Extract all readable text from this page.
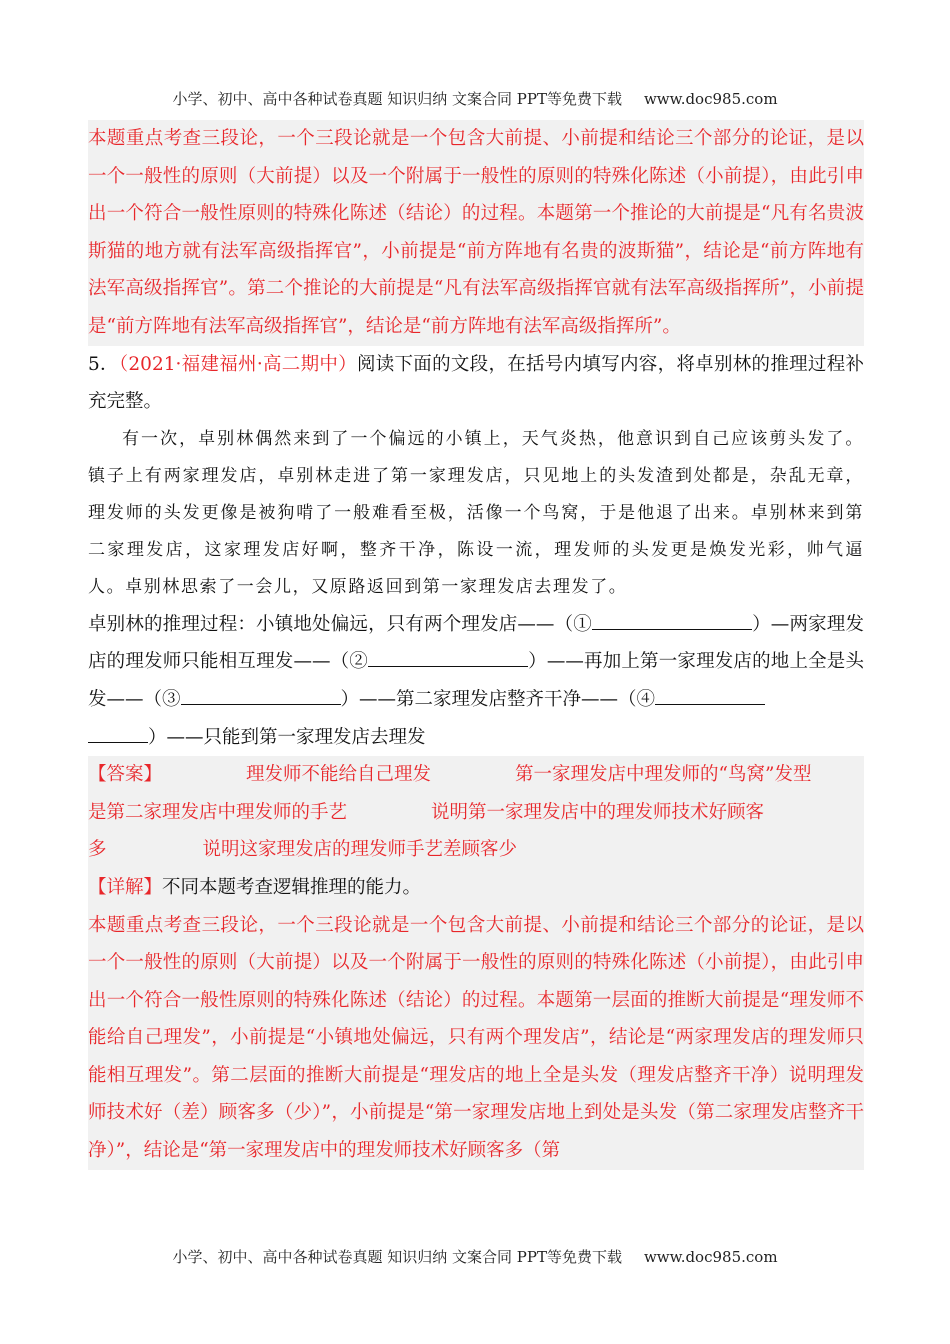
小学、初中、高中各种试卷真题 知识归纳 文案合同 PPT等免费下载 www.doc985.com

本题重点考查三段论，一个三段论就是一个包含大前提、小前提和结论三个部分的论证，是以一个一般性的原则（大前提）以及一个附属于一般性的原则的特殊化陈述（小前提），由此引申出一个符合一般性原则的特殊化陈述（结论）的过程。本题第一个推论的大前提是“凡有名贵波斯猫的地方就有法军高级指挥官”，小前提是“前方阵地有名贵的波斯猫”，结论是“前方阵地有法军高级指挥官”。第二个推论的大前提是“凡有法军高级指挥官就有法军高级指挥所”，小前提是“前方阵地有法军高级指挥官”，结论是“前方阵地有法军高级指挥所”。

5．（2021·福建福州·高二期中）阅读下面的文段，在括号内填写内容，将卓别林的推理过程补充完整。

有一次，卓别林偶然来到了一个偏远的小镇上，天气炎热，他意识到自己应该剪头发了。镇子上有两家理发店，卓别林走进了第一家理发店，只见地上的头发渣到处都是，杂乱无章，理发师的头发更像是被狗啃了一般难看至极，活像一个鸟窝，于是他退了出来。卓别林来到第二家理发店，这家理发店好啊，整齐干净，陈设一流，理发师的头发更是焕发光彩，帅气逼人。卓别林思索了一会儿，又原路返回到第一家理发店去理发了。

卓别林的推理过程：小镇地处偏远，只有两个理发店——（①	）—两家理发店的理发师只能相互理发——（②	）——再加上第一家理发店的地上全是头发——（③	）——第二家理发店整齐干净——（④
）——只能到第一家理发店去理发

【答案】	理发师不能给自己理发	第一家理发店中理发师的“鸟窝”发型

是第二家理发店中理发师的手艺	说明第一家理发店中的理发师技术好顾客

多	说明这家理发店的理发师手艺差顾客少

【详解】不同本题考查逻辑推理的能力。

本题重点考查三段论，一个三段论就是一个包含大前提、小前提和结论三个部分的论证，是以一个一般性的原则（大前提）以及一个附属于一般性的原则的特殊化陈述（小前提），由此引申出一个符合一般性原则的特殊化陈述（结论）的过程。本题第一层面的推断大前提是“理发师不能给自己理发”，小前提是“小镇地处偏远，只有两个理发店”，结论是“两家理发店的理发师只能相互理发”。第二层面的推断大前提是“理发店的地上全是头发（理发店整齐干净）说明理发师技术好（差）顾客多（少）”，小前提是“第一家理发店地上到处是头发（第二家理发店整齐干净）”，结论是“第一家理发店中的理发师技术好顾客多（第

小学、初中、高中各种试卷真题 知识归纳 文案合同 PPT等免费下载 www.doc985.com
